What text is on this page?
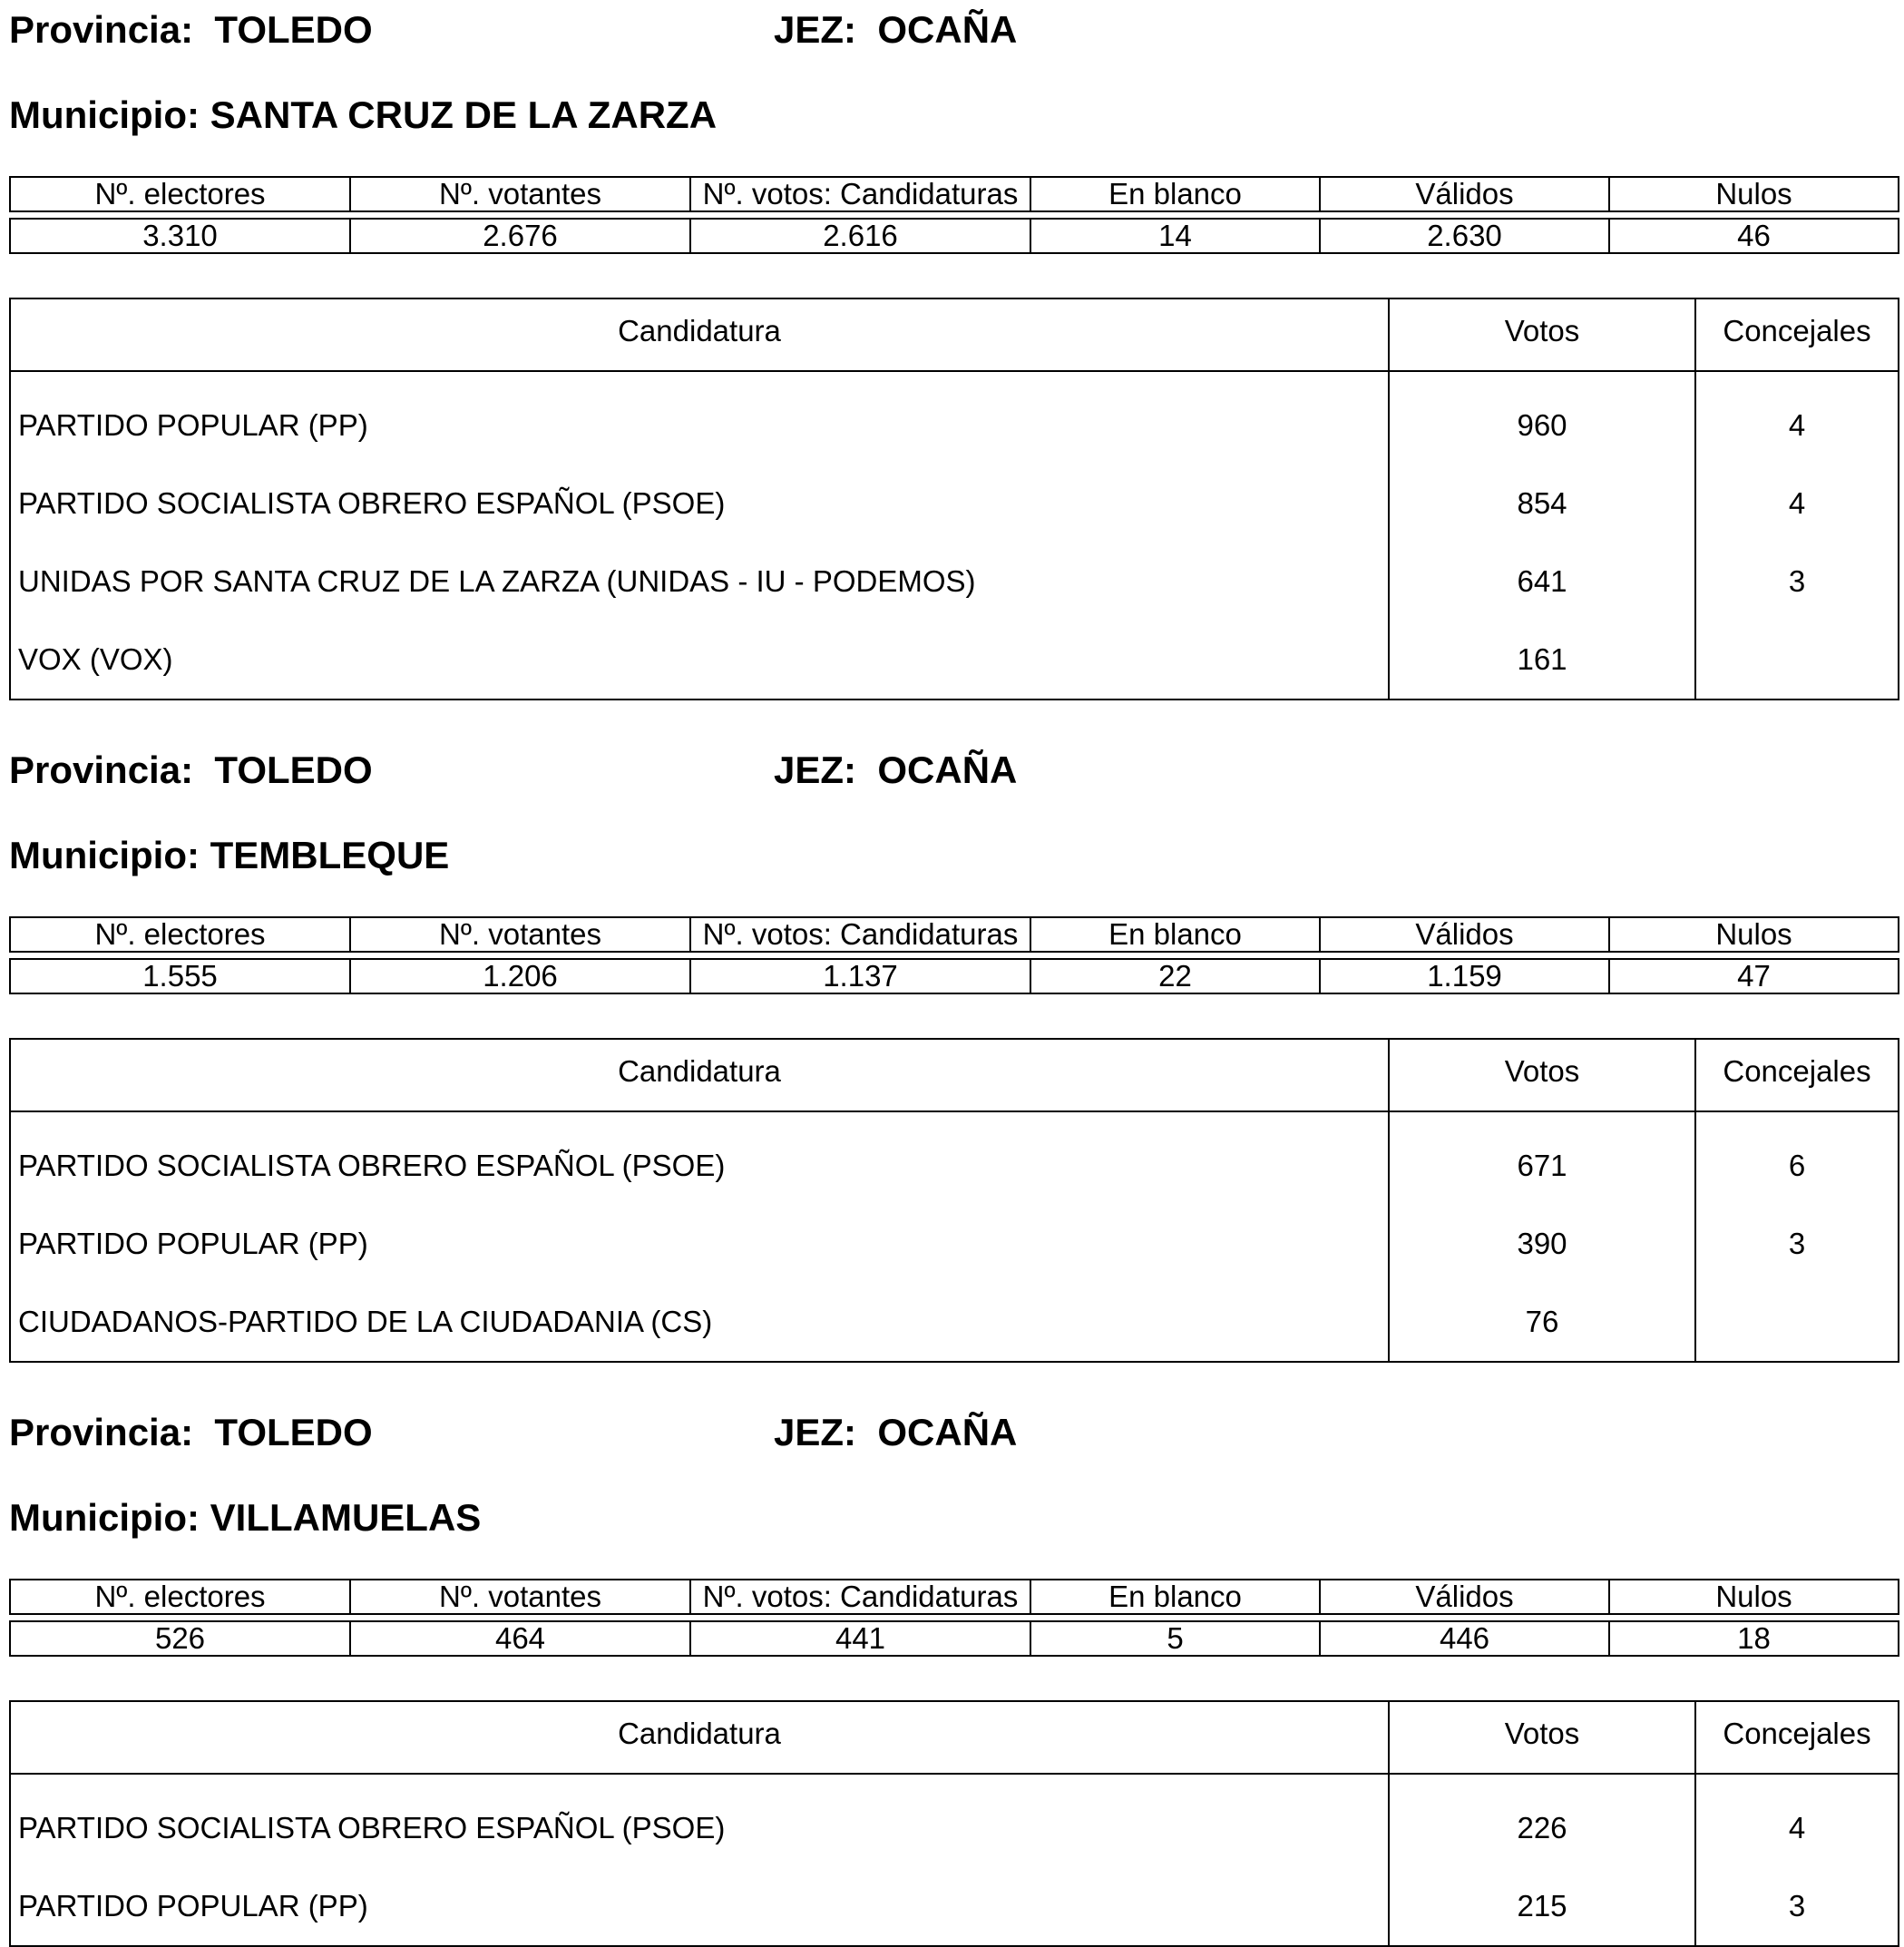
Provincia: TOLEDO	JEZ: OCAÑA
Municipio: SANTA CRUZ DE LA ZARZA
Nº. electores	Nº. votantes	Nº. votos: Candidaturas	En blanco	Válidos	Nulos

3.310	2.676	2.616	14	2.630	46
Candidatura	Votos	Concejales
PARTIDO POPULAR (PP)	960	4
PARTIDO SOCIALISTA OBRERO ESPAÑOL (PSOE)	854	4
UNIDAS POR SANTA CRUZ DE LA ZARZA (UNIDAS - IU - PODEMOS)	641	3
VOX (VOX)	161	
Provincia: TOLEDO	JEZ: OCAÑA
Municipio: TEMBLEQUE
Nº. electores	Nº. votantes	Nº. votos: Candidaturas	En blanco	Válidos	Nulos

1.555	1.206	1.137	22	1.159	47
Candidatura	Votos	Concejales
PARTIDO SOCIALISTA OBRERO ESPAÑOL (PSOE)	671	6
PARTIDO POPULAR (PP)	390	3
CIUDADANOS-PARTIDO DE LA CIUDADANIA (CS)	76	
Provincia: TOLEDO	JEZ: OCAÑA
Municipio: VILLAMUELAS
Nº. electores	Nº. votantes	Nº. votos: Candidaturas	En blanco	Válidos	Nulos

526	464	441	5	446	18
Candidatura	Votos	Concejales
PARTIDO SOCIALISTA OBRERO ESPAÑOL (PSOE)	226	4
PARTIDO POPULAR (PP)	215	3
